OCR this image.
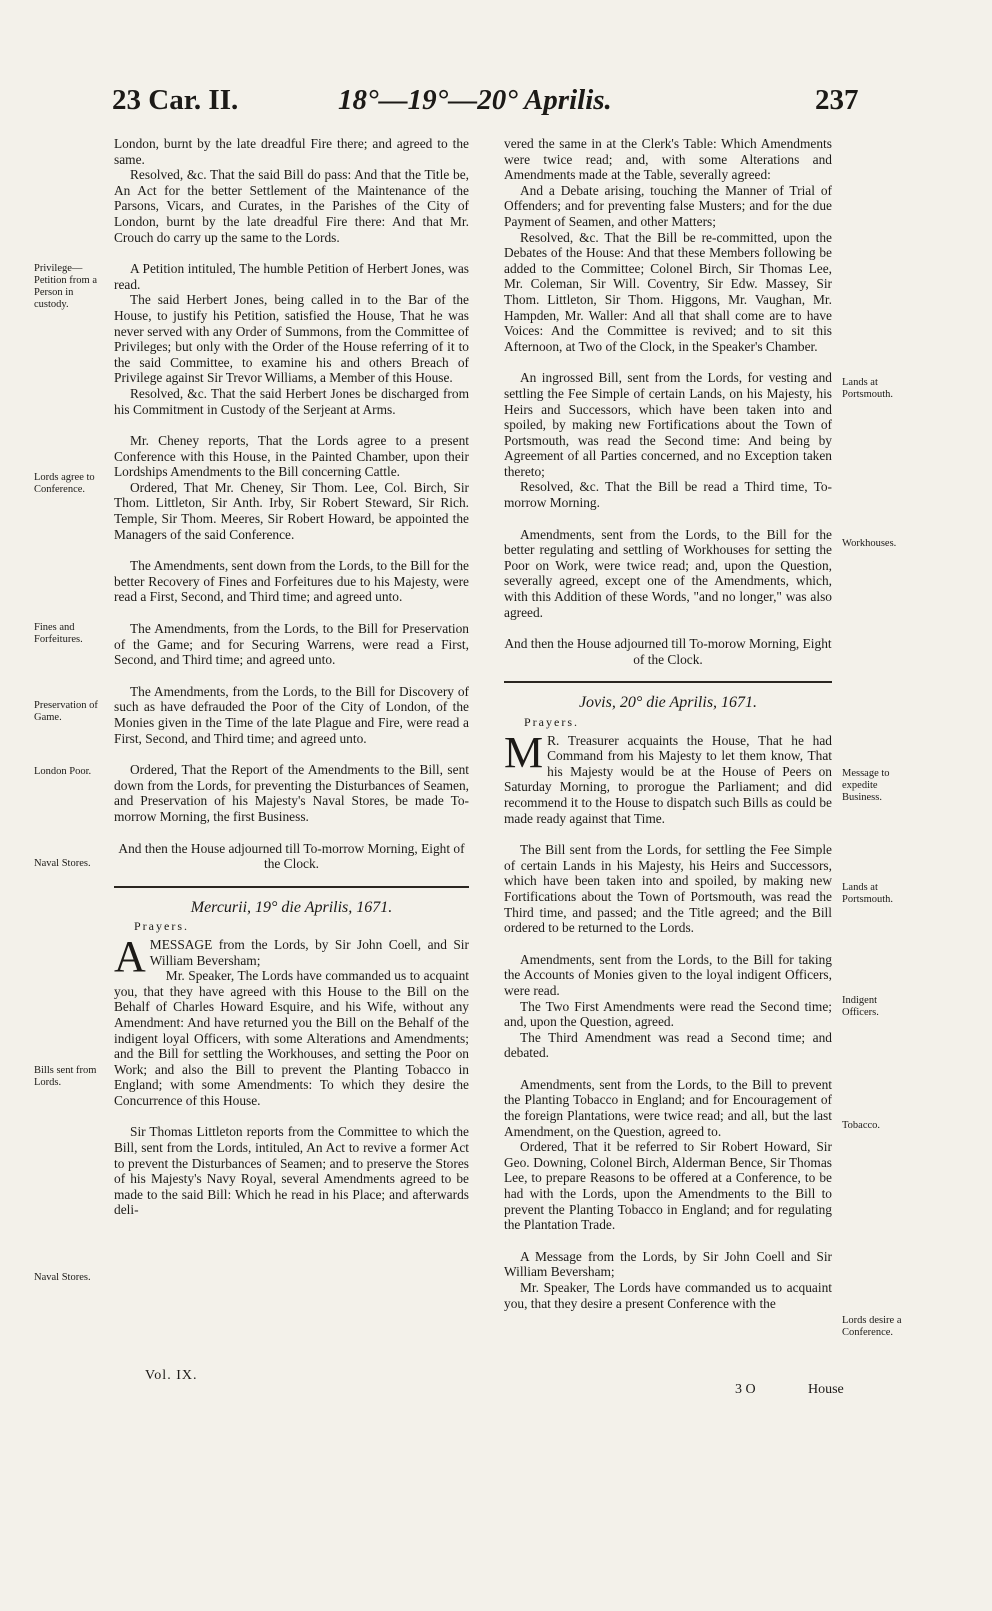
23 Car. II.	18°—19°—20° Aprilis.	237
Privilege—Petition from a Person in custody.
Lords agree to Conference.
Fines and Forfeitures.
Preservation of Game.
London Poor.
Naval Stores.
Bills sent from Lords.
Naval Stores.
Lands at Portsmouth.
Workhouses.
Message to expedite Business.
Lands at Portsmouth.
Indigent Officers.
Tobacco.
Lords desire a Conference.

London, burnt by the late dreadful Fire there; and agreed to the same.

Resolved, &c. That the said Bill do pass: And that the Title be, An Act for the better Settlement of the Maintenance of the Parsons, Vicars, and Curates, in the Parishes of the City of London, burnt by the late dreadful Fire there: And that Mr. Crouch do carry up the same to the Lords.

A Petition intituled, The humble Petition of Herbert Jones, was read.

The said Herbert Jones, being called in to the Bar of the House, to justify his Petition, satisfied the House, That he was never served with any Order of Summons, from the Committee of Privileges; but only with the Order of the House referring of it to the said Committee, to examine his and others Breach of Privilege against Sir Trevor Williams, a Member of this House.

Resolved, &c. That the said Herbert Jones be discharged from his Commitment in Custody of the Serjeant at Arms.

Mr. Cheney reports, That the Lords agree to a present Conference with this House, in the Painted Chamber, upon their Lordships Amendments to the Bill concerning Cattle.

Ordered, That Mr. Cheney, Sir Thom. Lee, Col. Birch, Sir Thom. Littleton, Sir Anth. Irby, Sir Robert Steward, Sir Rich. Temple, Sir Thom. Meeres, Sir Robert Howard, be appointed the Managers of the said Conference.

The Amendments, sent down from the Lords, to the Bill for the better Recovery of Fines and Forfeitures due to his Majesty, were read a First, Second, and Third time; and agreed unto.

The Amendments, from the Lords, to the Bill for Preservation of the Game; and for Securing Warrens, were read a First, Second, and Third time; and agreed unto.

The Amendments, from the Lords, to the Bill for Discovery of such as have defrauded the Poor of the City of London, of the Monies given in the Time of the late Plague and Fire, were read a First, Second, and Third time; and agreed unto.

Ordered, That the Report of the Amendments to the Bill, sent down from the Lords, for preventing the Disturbances of Seamen, and Preservation of his Majesty's Naval Stores, be made To-morrow Morning, the first Business.

And then the House adjourned till To-morrow Morning, Eight of the Clock.

Mercurii, 19° die Aprilis, 1671.
Prayers.

AMESSAGE from the Lords, by Sir John Coell, and Sir William Beversham;

Mr. Speaker, The Lords have commanded us to acquaint you, that they have agreed with this House to the Bill on the Behalf of Charles Howard Esquire, and his Wife, without any Amendment: And have returned you the Bill on the Behalf of the indigent loyal Officers, with some Alterations and Amendments; and the Bill for settling the Workhouses, and setting the Poor on Work; and also the Bill to prevent the Planting Tobacco in England; with some Amendments: To which they desire the Concurrence of this House.

Sir Thomas Littleton reports from the Committee to which the Bill, sent from the Lords, intituled, An Act to revive a former Act to prevent the Disturbances of Seamen; and to preserve the Stores of his Majesty's Navy Royal, several Amendments agreed to be made to the said Bill: Which he read in his Place; and afterwards deli-

vered the same in at the Clerk's Table: Which Amendments were twice read; and, with some Alterations and Amendments made at the Table, severally agreed:

And a Debate arising, touching the Manner of Trial of Offenders; and for preventing false Musters; and for the due Payment of Seamen, and other Matters;

Resolved, &c. That the Bill be re-committed, upon the Debates of the House: And that these Members following be added to the Committee; Colonel Birch, Sir Thomas Lee, Mr. Coleman, Sir Will. Coventry, Sir Edw. Massey, Sir Thom. Littleton, Sir Thom. Higgons, Mr. Vaughan, Mr. Hampden, Mr. Waller: And all that shall come are to have Voices: And the Committee is revived; and to sit this Afternoon, at Two of the Clock, in the Speaker's Chamber.

An ingrossed Bill, sent from the Lords, for vesting and settling the Fee Simple of certain Lands, on his Majesty, his Heirs and Successors, which have been taken into and spoiled, by making new Fortifications about the Town of Portsmouth, was read the Second time: And being by Agreement of all Parties concerned, and no Exception taken thereto;

Resolved, &c. That the Bill be read a Third time, To-morrow Morning.

Amendments, sent from the Lords, to the Bill for the better regulating and settling of Workhouses for setting the Poor on Work, were twice read; and, upon the Question, severally agreed, except one of the Amendments, which, with this Addition of these Words, "and no longer," was also agreed.

And then the House adjourned till To-morow Morning, Eight of the Clock.

Jovis, 20° die Aprilis, 1671.
Prayers.

M R. Treasurer acquaints the House, That he had Command from his Majesty to let them know, That his Majesty would be at the House of Peers on Saturday Morning, to prorogue the Parliament; and did recommend it to the House to dispatch such Bills as could be made ready against that Time.

The Bill sent from the Lords, for settling the Fee Simple of certain Lands in his Majesty, his Heirs and Successors, which have been taken into and spoiled, by making new Fortifications about the Town of Portsmouth, was read the Third time, and passed; and the Title agreed; and the Bill ordered to be returned to the Lords.

Amendments, sent from the Lords, to the Bill for taking the Accounts of Monies given to the loyal indigent Officers, were read.

The Two First Amendments were read the Second time; and, upon the Question, agreed.

The Third Amendment was read a Second time; and debated.

Amendments, sent from the Lords, to the Bill to prevent the Planting Tobacco in England; and for Encouragement of the foreign Plantations, were twice read; and all, but the last Amendment, on the Question, agreed to.

Ordered, That it be referred to Sir Robert Howard, Sir Geo. Downing, Colonel Birch, Alderman Bence, Sir Thomas Lee, to prepare Reasons to be offered at a Conference, to be had with the Lords, upon the Amendments to the Bill to prevent the Planting Tobacco in England; and for regulating the Plantation Trade.

A Message from the Lords, by Sir John Coell and Sir William Beversham;

Mr. Speaker, The Lords have commanded us to acquaint you, that they desire a present Conference with the

Vol. IX.
3 O	House
